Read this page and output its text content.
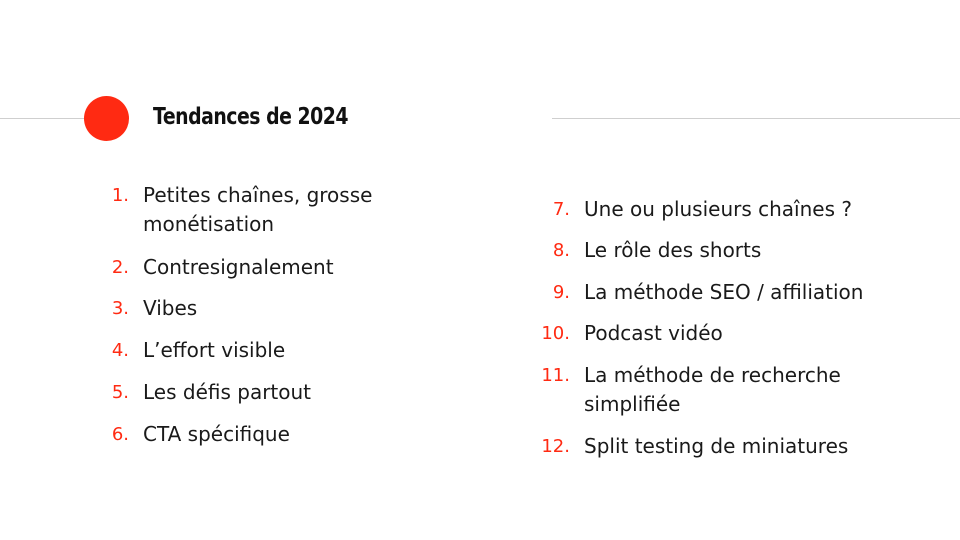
Tendances de 2024
1. Petites chaînes, grosse
monétisation
2. Contresignalement
3. Vibes
4. L’effort visible
5. Les défis partout
6. CTA spécifique
7. Une ou plusieurs chaînes ?
8. Le rôle des shorts
9. La méthode SEO / affiliation
10. Podcast vidéo
11. La méthode de recherche
simplifiée
12. Split testing de miniatures
